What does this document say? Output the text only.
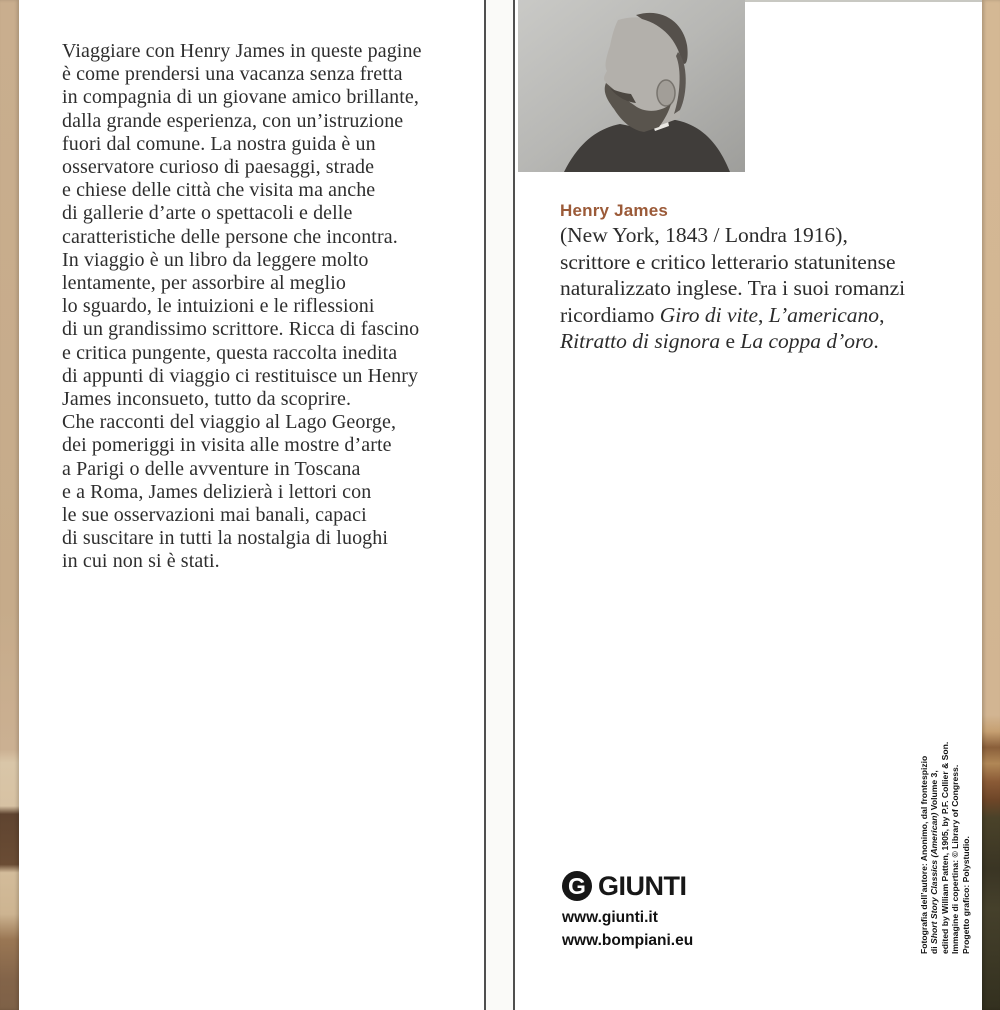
Viaggiare con Henry James in queste pagine
è come prendersi una vacanza senza fretta
in compagnia di un giovane amico brillante,
dalla grande esperienza, con un’istruzione
fuori dal comune. La nostra guida è un
osservatore curioso di paesaggi, strade
e chiese delle città che visita ma anche
di gallerie d’arte o spettacoli e delle
caratteristiche delle persone che incontra.
In viaggio è un libro da leggere molto
lentamente, per assorbire al meglio
lo sguardo, le intuizioni e le riflessioni
di un grandissimo scrittore. Ricca di fascino
e critica pungente, questa raccolta inedita
di appunti di viaggio ci restituisce un Henry
James inconsueto, tutto da scoprire.
Che racconti del viaggio al Lago George,
dei pomeriggi in visita alle mostre d’arte
a Parigi o delle avventure in Toscana
e a Roma, James delizierà i lettori con
le sue osservazioni mai banali, capaci
di suscitare in tutti la nostalgia di luoghi
in cui non si è stati.
Henry James
(New York, 1843 / Londra 1916),
scrittore e critico letterario statunitense
naturalizzato inglese. Tra i suoi romanzi
ricordiamo Giro di vite, L’americano,
Ritratto di signora e La coppa d’oro.
G GIUNTI
www.giunti.it
www.bompiani.eu	Fotografia dell’autore: Anonimo, dal frontespizio di Short Story Classics (American) Volume 3, edited by William Patten, 1905, by P.F. Collier & Son. Immagine di copertina: © Library of Congress. Progetto grafico: Polystudio.
